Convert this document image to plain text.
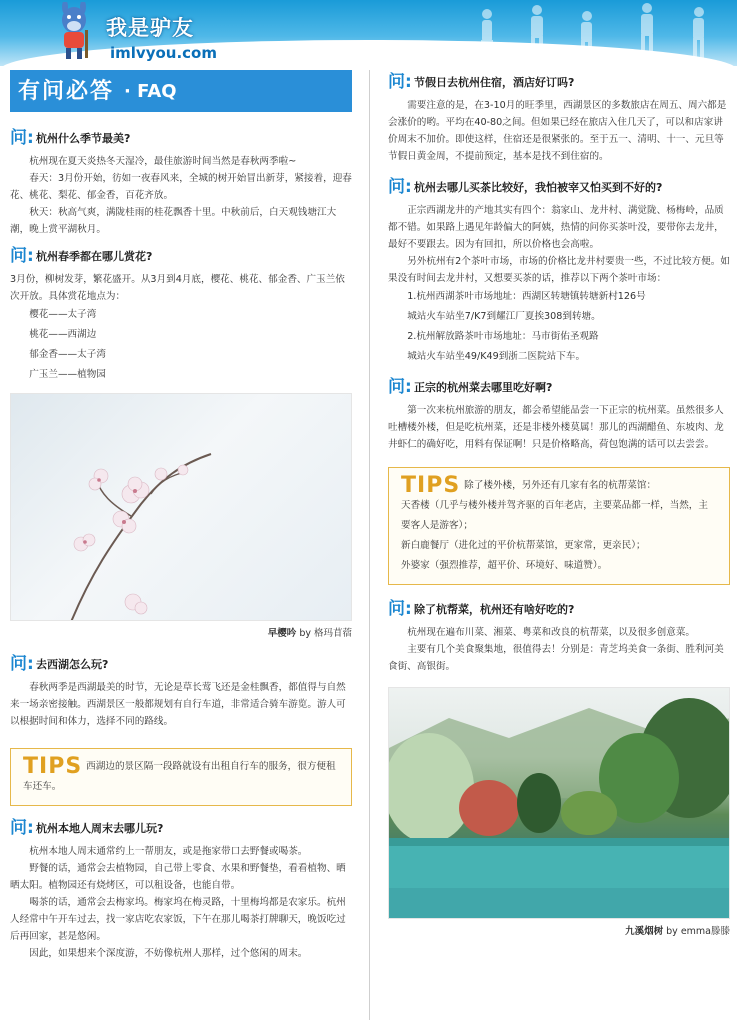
我是驴友
imlvyou.com
有问必答 · FAQ
问: 杭州什么季节最美?

杭州现在夏天炎热冬天湿冷，最佳旅游时间当然是春秋两季啦~

春天：3月份开始，彷如一夜春风来，全城的树开始冒出新芽，紧接着，迎春花、桃花、梨花、郁金香，百花齐放。

秋天：秋高气爽，满陇桂雨的桂花飘香十里。中秋前后，白天观钱塘江大潮，晚上赏平湖秋月。

问: 杭州春季都在哪儿赏花?

3月份，柳树发芽，繁花盛开。从3月到4月底，樱花、桃花、郁金香、广玉兰依次开放。具体赏花地点为：

樱花——太子湾

桃花——西湖边

郁金香——太子湾

广玉兰——植物园

早樱吟 by 格玛苜蓿
问: 去西湖怎么玩?

春秋两季是西湖最美的时节，无论是草长莺飞还是金桂飘香，都值得与自然来一场亲密接触。西湖景区一般都规划有自行车道，非常适合骑车游览。游人可以根据时间和体力，选择不同的路线。

TIPS 西湖边的景区隔一段路就设有出租自行车的服务，很方便租车还车。
问: 杭州本地人周末去哪儿玩?

杭州本地人周末通常约上一帮朋友，或是拖家带口去野餐或喝茶。

野餐的话，通常会去植物园，自己带上零食、水果和野餐垫，看看植物、晒晒太阳。植物园还有烧烤区，可以租设备，也能自带。

喝茶的话，通常会去梅家坞。梅家坞在梅灵路，十里梅坞都是农家乐。杭州人经常中午开车过去，找一家店吃农家饭，下午在那儿喝茶打牌聊天，晚饭吃过后再回家，甚是悠闲。

因此，如果想来个深度游，不妨像杭州人那样，过个悠闲的周末。

问: 节假日去杭州住宿，酒店好订吗?

需要注意的是，在3-10月的旺季里，西湖景区的多数旅店在周五、周六都是会涨价的哟。平均在40-80之间。但如果已经在旅店入住几天了，可以和店家讲价周末不加价。即使这样，住宿还是很紧张的。至于五一、清明、十一、元旦等节假日黄金周，不提前预定，基本是找不到住宿的。

问: 杭州去哪儿买茶比较好，我怕被宰又怕买到不好的?

正宗西湖龙井的产地其实有四个：翁家山、龙井村、满觉陇、杨梅岭，品质都不错。如果路上遇见年龄偏大的阿姨，热情的问你买茶叶没，要带你去龙井，最好不要跟去。因为有回扣，所以价格也会高啦。

另外杭州有2个茶叶市场，市场的价格比龙井村要贵一些，不过比较方便。如果没有时间去龙井村，又想要买茶的话，推荐以下两个茶叶市场：

1.杭州西湖茶叶市场地址：西湖区转塘镇转塘新村126号

城站火车站坐7/K7到耀江厂夏挨308到转塘。

2.杭州解放路茶叶市场地址：马市街佑圣观路

城站火车站坐49/K49到浙二医院站下车。

问: 正宗的杭州菜去哪里吃好啊?

第一次来杭州旅游的朋友，都会希望能品尝一下正宗的杭州菜。虽然很多人吐槽楼外楼，但是吃杭州菜，还是非楼外楼莫属！那儿的西湖醋鱼、东坡肉、龙井虾仁的确好吃，用料有保证啊！只是价格略高，荷包饱满的话可以去尝尝。

TIPS 除了楼外楼，另外还有几家有名的杭帮菜馆：
天香楼（几乎与楼外楼并驾齐驱的百年老店，主要菜品都一样，当然，主要客人是游客）；
新白鹿餐厅（进化过的平价杭帮菜馆，更家常，更亲民）；
外婆家（强烈推荐，超平价、环境好、味道赞）。
问: 除了杭帮菜，杭州还有啥好吃的?

杭州现在遍布川菜、湘菜、粤菜和改良的杭帮菜，以及很多创意菜。

主要有几个美食聚集地，很值得去！分别是：青芝坞美食一条街、胜利河美食街、高银街。

九溪烟树 by emma滕滕
